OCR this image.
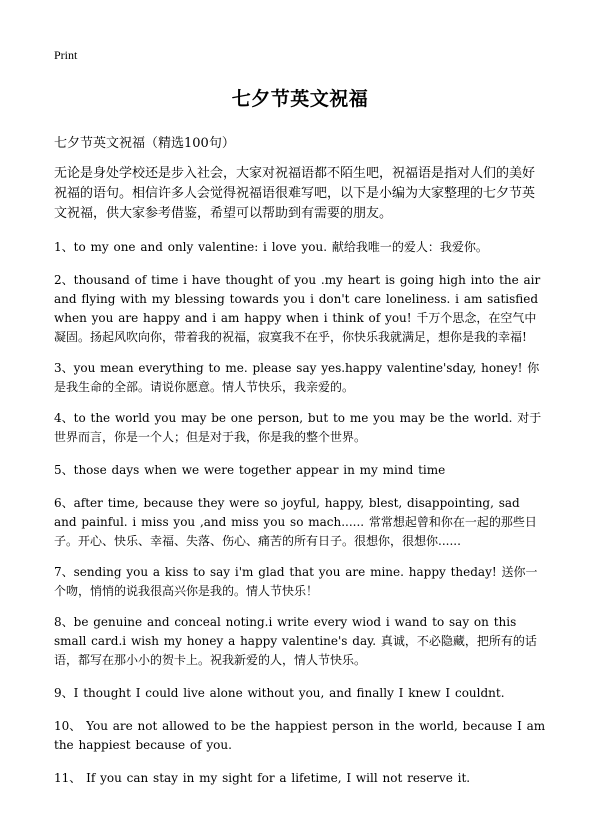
Print
七夕节英文祝福
七夕节英文祝福（精选100句）

无论是身处学校还是步入社会，大家对祝福语都不陌生吧，祝福语是指对人们的美好祝福的语句。相信许多人会觉得祝福语很难写吧，以下是小编为大家整理的七夕节英文祝福，供大家参考借鉴，希望可以帮助到有需要的朋友。

1、to my one and only valentine: i love you. 献给我唯一的爱人：我爱你。

2、thousand of time i have thought of you .my heart is going high into the air and flying with my blessing towards you i don't care loneliness. i am satisfied when you are happy and i am happy when i think of you! 千万个思念，在空气中凝固。扬起风吹向你，带着我的祝福，寂寞我不在乎，你快乐我就满足，想你是我的幸福!

3、you mean everything to me. please say yes.happy valentine'sday, honey! 你是我生命的全部。请说你愿意。情人节快乐，我亲爱的。

4、to the world you may be one person, but to me you may be the world. 对于世界而言，你是一个人；但是对于我，你是我的整个世界。

5、those days when we were together appear in my mind time

6、after time, because they were so joyful, happy, blest, disappointing, sad and painful. i miss you ,and miss you so mach...... 常常想起曾和你在一起的那些日子。开心、快乐、幸福、失落、伤心、痛苦的所有日子。很想你，很想你......

7、sending you a kiss to say i'm glad that you are mine. happy theday! 送你一个吻，悄悄的说我很高兴你是我的。情人节快乐！

8、be genuine and conceal noting.i write every wiod i wand to say on this small card.i wish my honey a happy valentine's day. 真诚，不必隐藏，把所有的话语，都写在那小小的贺卡上。祝我新爱的人，情人节快乐。

9、I thought I could live alone without you, and finally I knew I couldnt.

10、 You are not allowed to be the happiest person in the world, because I am the happiest because of you.

11、 If you can stay in my sight for a lifetime, I will not reserve it.
